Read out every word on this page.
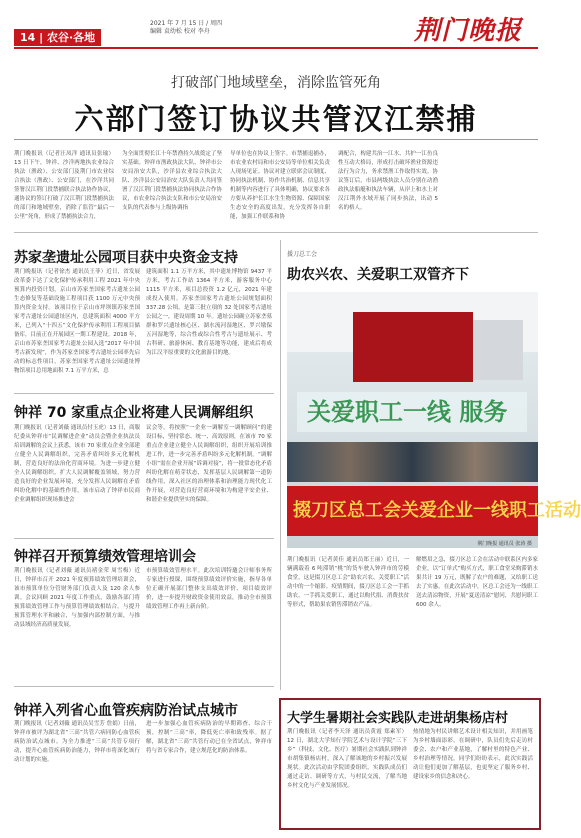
14 | 农谷·各地
2021 年 7 月 15 日 / 周四
编辑 袁幼松 校对 李舟	荆门晚报
打破部门地域壁垒，消除监管死角
六部门签订协议共管汉江禁捕
荆门晚报讯（记者汪凤洋 通讯员张瑜）13 日下午，钟祥、沙洋两地执农业综合执法（渔政）、公安部门及荆门市农业综合执法（渔政）、公安部门，在沙洋共同签署汉江荆门段禁捕联合执法协作协议，通协议的签订打破了汉江荆门段禁捕执法的部门和地域壁垒，消除了监管“最后一公里”死角，形成了禁捕执法合力，
为全面贯彻长江十年禁渔持久战奠定了坚实基础。钟祥市渔政执法大队、钟祥市公安局治安大队，沙洋县农业综合执法大队、沙洋县公安局治安大队负责人共同签署了汉江荆门段禁捕执法协同执法合作协议，市农业综合执法支队和市公安局治安支队的代表参与上级协调指
导单位也在协议上签字。市禁捕退捕办，市农业农村局和市公安局等单位相关负责人现场见证。协议对建立联席会议制度、协同执法机制、协作共治机制、信息共享机制等内容进行了具体明确，协议要求各方要从养护长江水生生物资源、保障国家生态安全的高度出发，充分发挥各自职能，加强工作联系和协
调配合，构建共治一江水、共护一江鱼良性互动大格局，形成打击破坏渔业资源违法行为合力，务求禁渔工作取得实效。协议签订后，市县两级执法人员分别在动渔政执法船艇和执法车辆，从岸上和水上对汉江荆外水域开展了同步执法，出动 5 名的格人。
苏家垄遗址公园项目获中央资金支持
荆门晚报讯（记者徐杰 通讯员王菲）近日，省发展改革委下达了文化保护传承利用工程 2021 年中央预算内投资计划，京山市苏家垄国家考古遗址公园生态修复等基础设施工程项目获 1100 万元中央预算内资金支持。该项目位于京山市坪坝镇苏家垄国家考古遗址公园遗址区内，总建筑面积 4000 平方米，已列入“十四五”文化保护传承利用工程项目储备库，目前正在开展园区一期工程建设。2018 年，京山市苏家垄国家考古遗址公园入选“2017 年中国考古新发现”，作为苏家垄国家考古遗址公园率先启动的标志性项目，苏家垄国家考古遗址公园遗址博物馆项目总用地面积 7.1 万平方米，总
建筑面积 1.1 万平方米，其中遗址博物馆 9437 平方米，考古工作站 1364 平方米，游客服务中心 1115 平方米，项目总投资 1.2 亿元，2021 年建成投入使用。苏家垄国家考古遗址公园规划面积 337.28 公顷，是第三批立项的 32 处国家考古遗址公园之一，建设周期 10 年。遗址公园确立苏家垄墓群和罗兴遗址核心区、湖水流河湿地区、罗兴墩保五河湿地等，综合性或综合性考古与遗址展示、考古科研、旅游休闲、教育基地等功能，建成后将成为江汉平原重要的文化旅游目的地。
钟祥 70 家重点企业将建人民调解组织
荆门晚报讯（记者刘薇 通讯员付玉虎）13 日，商服纪委从钟祥市“民调解进企业”动员会暨企业执法员培训调解的会议上获悉，该市 70 家重点企业全部建立健全人民调解组织，完善矛盾纠纷多元化解机制，营造良好的法治化营商环境。为进一步建立健全人民调解组织，扩大人民调解覆盖领域，努力营造良好的企业发展环境，充分发挥人民调解在矛盾纠纷化解中的基础性作用，该市启动了钟祥市民商企业调解组织现场推进会
议会等，将按照“一企业一调解室一调解顾问”的建设目标，坚持常态、统一、高效原则，在该市 70 家重点企业建立健全人民调解组织，组织开展培训推进工作，进一步完善矛盾纠纷多元化解机制。“调解小组”需在企业开展“诉调对接”，将一批常态化矛盾纠纷化解在萌芽状态，发挥基层人民调解第一道防线作用，深入社区的治理体系和治理能力现代化工作开展，对营造良好营商环境和为构建平安企业、和谐企业提供坚实的保障。
钟祥召开预算绩效管理培训会
荆门晚报讯（记者刘薇 通讯员褚金荣 周雪梅）近日，钟祥市召开 2021 年度预算绩效管理培训会，该市预算单位分管财务部门负责人及 120 余人参训。会议回顾 2021 年度工作重点，鼓励各部门将预算绩效管理工作与预算管理绩效相结合。与提升预算管理水平和融合，与加强内部控制方面，与推动县域经济高质量发展。
市预算绩效管理水平。此次培训特邀会计师事务所专家进行授课，围绕预算绩效评价实施，指导各单位正确开展部门整体支出绩效评价、项目绩效评价，进一步提升财政资金使用效益，推动全市预算绩效管理工作再上新台阶。
钟祥入列省心血管疾病防治试点城市
荆门晚报讯（记者刘薇 通讯员吴雪芳 詹娟）日前，钟祥市被评为湖北省“三高”共管六病同防心血管疾病防治试点城市。为全力推进“三高”共管专项行动，提升心血管疾病防治能力，钟祥市将深化该行动计划的实施。
进一步加强心血管疾病防治的早期筛查、综合干预，控制“三高”率，降低死亡率和致残率。据了解，湖北省“三高”共管行动已在全省试点，钟祥市将与省专家合作，建立规范化的防治体系。
援刀总工会
助农兴农、关爱职工双管齐下
关爱职工一线 服务
掇刀区总工会关爱企业一线职工活动
荆门晚报 通讯员 张涛 摄
荆门晚报讯（记者黄佳 通讯员郑王丽）近日，一辆满载着 6 吨滞销“桃”的货车驶入钟祥市的劳模食堂，这是掇刀区总工会“助农兴农、关爱职工”活动中的一个缩影。疫情期间，掇刀区总工会一手抓助农，一手抓关爱职工，通过以购代捐、消费扶贫等形式，帮助果农销售滞销农产品。
解燃眉之急，掇刀区总工会在活动中联系区内多家企业，以“订单式”购买方式，职工食堂采购滞销水果共计 19 万元，既解了农户的难题，又给职工送去了实惠。在此次活动中，区总工会还为一线职工送去清凉物资，开展“夏送清凉”慰问，共慰问职工 600 余人。
大学生暑期社会实践队走进胡集杨店村
荆门晚报讯（记者李天泽 通讯员黄霞 郑素军）12 日，湖北大学知行学院艺术与设计学院“三下乡”（科技、文化、医疗）暑期社会实践队到钟祥市胡集镇杨店村，深入了解该地的乡村振兴发展现状。此次活动由学院团委组织，实践队成员们通过走访、调研等方式，与村民交流，了解当地乡村文化与产业发展情况。
热情地为村民讲解艺术设计相关知识，并用画笔为乡村墙面添彩。在调研中，队员们先后走访村委会、农户和产业基地，了解村里的特色产业、乡村治理等情况，同学们纷纷表示，此次实践活动让他们更加了解基层，也更坚定了服务乡村、建设家乡的信念和决心。
